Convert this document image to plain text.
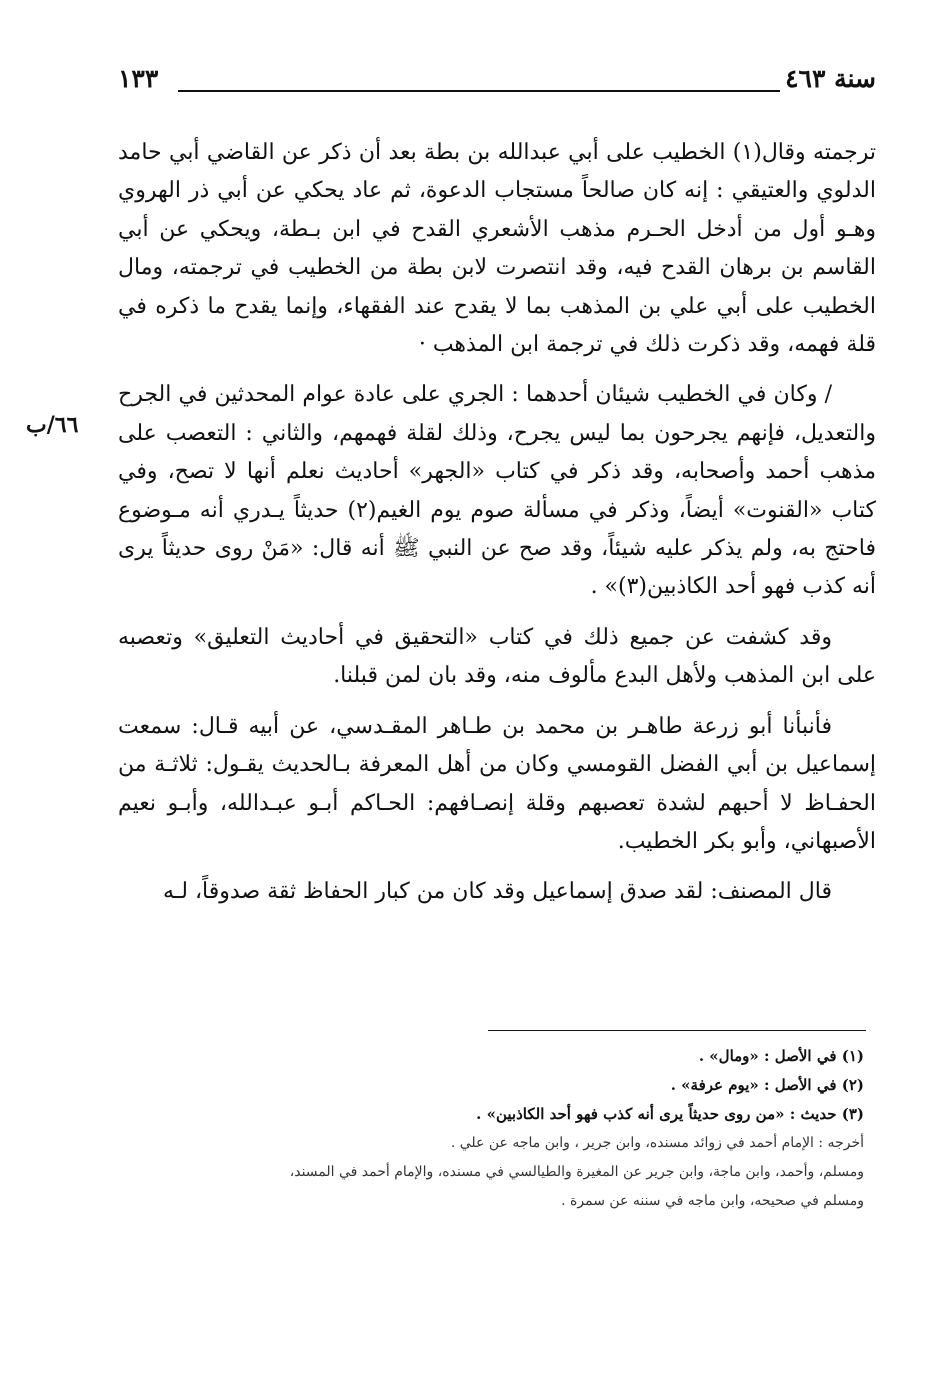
سنة ٤٦٣
١٣٣
٦٦/ب

ترجمته وقال(١) الخطيب على أبي عبدالله بن بطة بعد أن ذكر عن القاضي أبي حامد الدلوي والعتيقي : إنه كان صالحاً مستجاب الدعوة، ثم عاد يحكي عن أبي ذر الهروي وهـو أول من أدخل الحـرم مذهب الأشعري القدح في ابن بـطة، ويحكي عن أبي القاسم بن برهان القدح فيه، وقد انتصرت لابن بطة من الخطيب في ترجمته، ومال الخطيب على أبي علي بن المذهب بما لا يقدح عند الفقهاء، وإنما يقدح ما ذكره في قلة فهمه، وقد ذكرت ذلك في ترجمة ابن المذهب ·

/ وكان في الخطيب شيئان أحدهما : الجري على عادة عوام المحدثين في الجرح والتعديل، فإنهم يجرحون بما ليس يجرح، وذلك لقلة فهمهم، والثاني : التعصب على مذهب أحمد وأصحابه، وقد ذكر في كتاب «الجهر» أحاديث نعلم أنها لا تصح، وفي كتاب «القنوت» أيضاً، وذكر في مسألة صوم يوم الغيم(٢) حديثاً يـدري أنه مـوضوع فاحتج به، ولم يذكر عليه شيئاً، وقد صح عن النبي ﷺ أنه قال: «مَنْ روى حديثاً يرى أنه كذب فهو أحد الكاذبين(٣)» .

وقد كشفت عن جميع ذلك في كتاب «التحقيق في أحاديث التعليق» وتعصبه على ابن المذهب ولأهل البدع مألوف منه، وقد بان لمن قبلنا.

فأنبأنا أبو زرعة طاهـر بن محمد بن طـاهر المقـدسي، عن أبيه قـال: سمعت إسماعيل بن أبي الفضل القومسي وكان من أهل المعرفة بـالحديث يقـول: ثلاثـة من الحفـاظ لا أحبهم لشدة تعصبهم وقلة إنصـافهم: الحـاكم أبـو عبـدالله، وأبـو نعيم الأصبهاني، وأبو بكر الخطيب.

قال المصنف: لقد صدق إسماعيل وقد كان من كبار الحفاظ ثقة صدوقاً، لـه

(١) في الأصل : «ومال» .

(٢) في الأصل : «يوم عرفة» .

(٣) حديث : «من روى حديثاً يرى أنه كذب فهو أحد الكاذبين» .

أخرجه : الإمام أحمد في زوائد مسنده، وابن جرير ، وابن ماجه عن علي .

ومسلم، وأحمد، وابن ماجة، وابن جرير عن المغيرة والطيالسي في مسنده، والإمام أحمد في المسند،

ومسلم في صحيحه، وابن ماجه في سننه عن سمرة .
